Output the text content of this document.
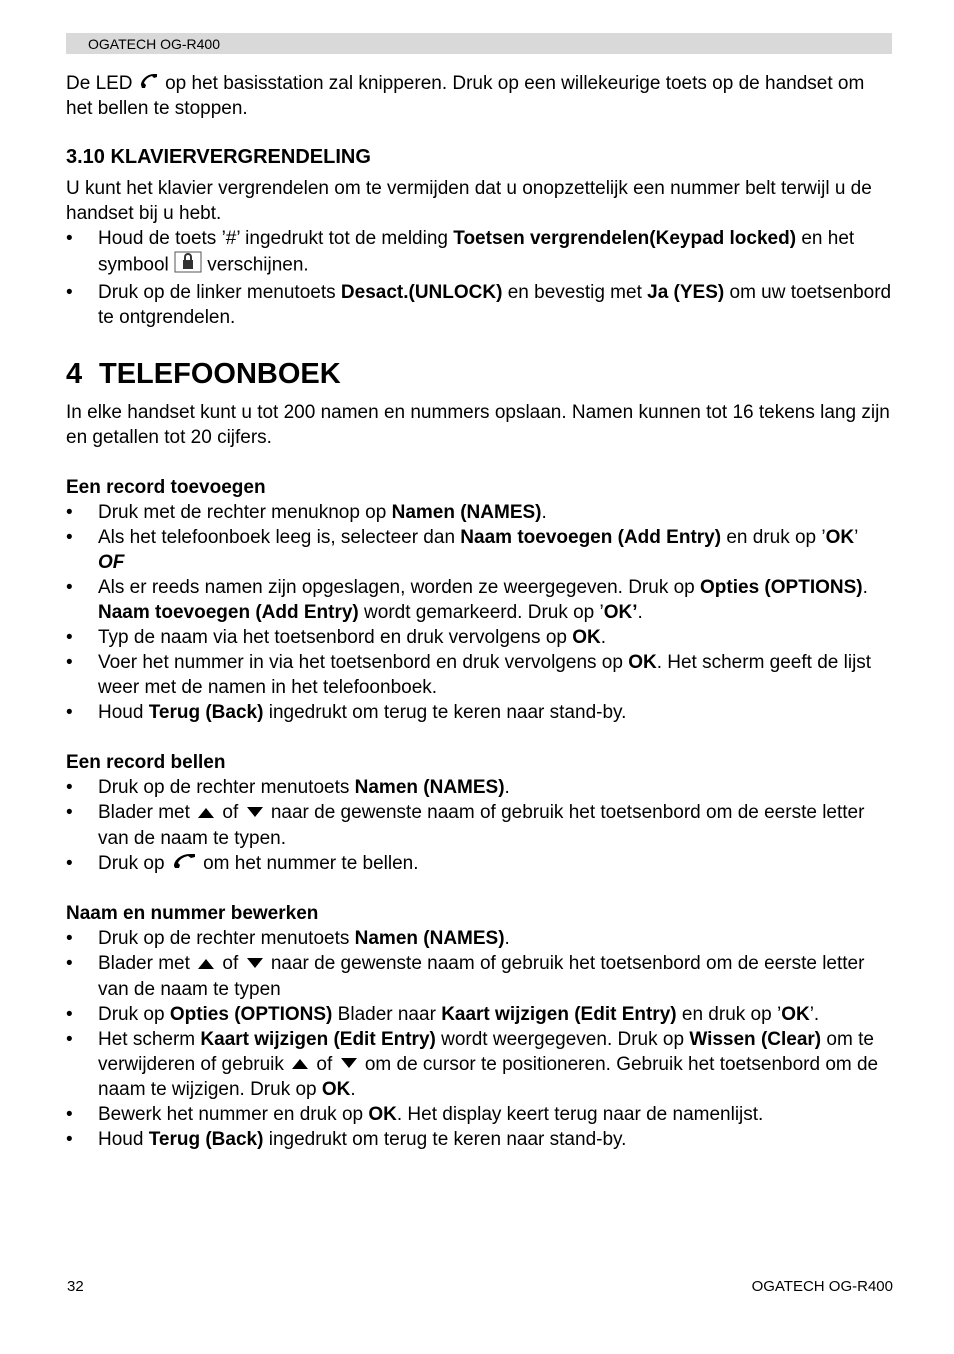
OGATECH OG-R400

De LED  op het basisstation zal knipperen. Druk op een willekeurige toets op de handset om het bellen te stoppen.

3.10 KLAVIERVERGRENDELING

U kunt het klavier vergrendelen om te vermijden dat u onopzettelijk een nummer belt terwijl u de handset bij u hebt.

• Houd de toets ’#’ ingedrukt tot de melding Toetsen vergrendelen(Keypad locked) en het symbool  verschijnen.
• Druk op de linker menutoets Desact.(UNLOCK) en bevestig met Ja (YES) om uw toetsenbord te ontgrendelen.
4 TELEFOONBOEK

In elke handset kunt u tot 200 namen en nummers opslaan. Namen kunnen tot 16 tekens lang zijn en getallen tot 20 cijfers.

Een record toevoegen
• Druk met de rechter menuknop op Namen (NAMES).
• Als het telefoonboek leeg is, selecteer dan Naam toevoegen (Add Entry) en druk op ’OK’
OF
• Als er reeds namen zijn opgeslagen, worden ze weergegeven. Druk op Opties (OPTIONS). Naam toevoegen (Add Entry) wordt gemarkeerd. Druk op ’OK’.
• Typ de naam via het toetsenbord en druk vervolgens op OK.
• Voer het nummer in via het toetsenbord en druk vervolgens op OK. Het scherm geeft de lijst weer met de namen in het telefoonboek.
• Houd Terug (Back) ingedrukt om terug te keren naar stand-by.
Een record bellen
• Druk op de rechter menutoets Namen (NAMES).
• Blader met  of  naar de gewenste naam of gebruik het toetsenbord om de eerste letter van de naam te typen.
• Druk op  om het nummer te bellen.
Naam en nummer bewerken
• Druk op de rechter menutoets Namen (NAMES).
• Blader met  of  naar de gewenste naam of gebruik het toetsenbord om de eerste letter van de naam te typen
• Druk op Opties (OPTIONS) Blader naar Kaart wijzigen (Edit Entry) en druk op ’OK’.
• Het scherm Kaart wijzigen (Edit Entry) wordt weergegeven. Druk op Wissen (Clear) om te verwijderen of gebruik  of  om de cursor te positioneren. Gebruik het toetsenbord om de naam te wijzigen. Druk op OK.
• Bewerk het nummer en druk op OK. Het display keert terug naar de namenlijst.
• Houd Terug (Back) ingedrukt om terug te keren naar stand-by.
32	OGATECH OG-R400
